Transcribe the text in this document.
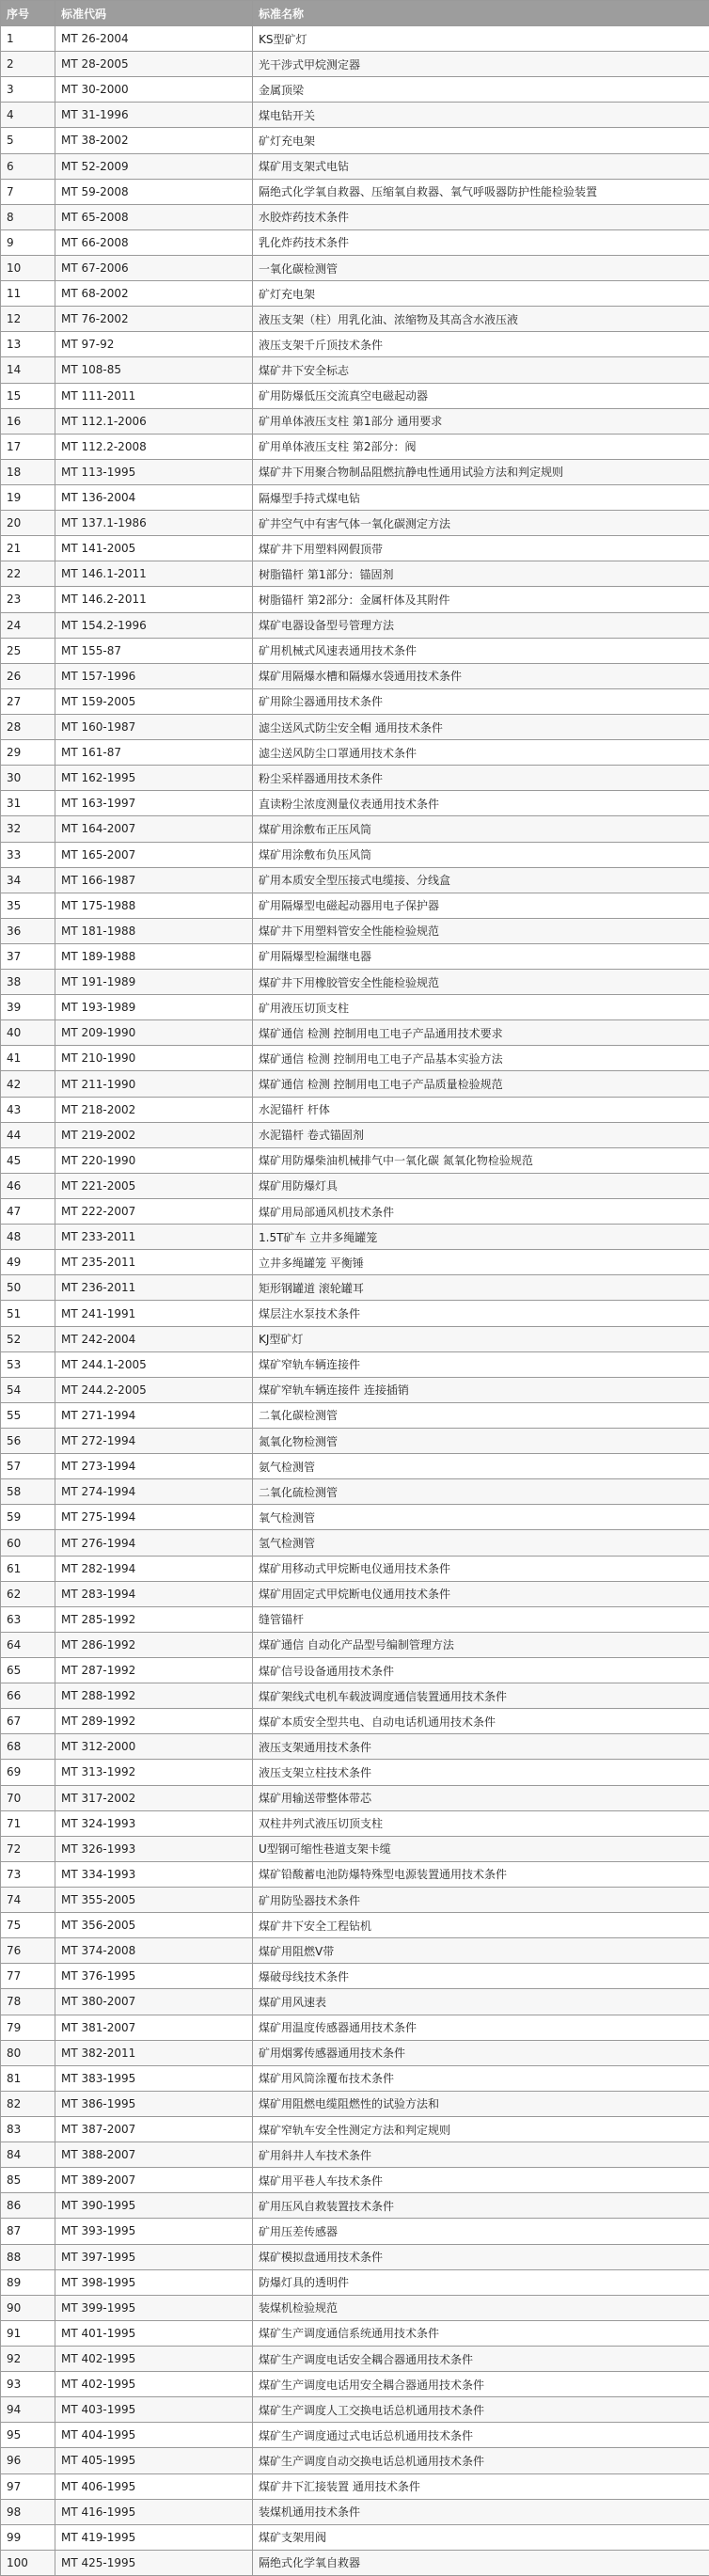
序号	标准代码	标准名称
1	MT 26-2004	KS型矿灯
2	MT 28-2005	光干涉式甲烷测定器
3	MT 30-2000	金属顶梁
4	MT 31-1996	煤电钻开关
5	MT 38-2002	矿灯充电架
6	MT 52-2009	煤矿用支架式电钻
7	MT 59-2008	隔绝式化学氧自救器、压缩氧自救器、氧气呼吸器防护性能检验装置
8	MT 65-2008	水胶炸药技术条件
9	MT 66-2008	乳化炸药技术条件
10	MT 67-2006	一氧化碳检测管
11	MT 68-2002	矿灯充电架
12	MT 76-2002	液压支架（柱）用乳化油、浓缩物及其高含水液压液
13	MT 97-92	液压支架千斤顶技术条件
14	MT 108-85	煤矿井下安全标志
15	MT 111-2011	矿用防爆低压交流真空电磁起动器
16	MT 112.1-2006	矿用单体液压支柱 第1部分 通用要求
17	MT 112.2-2008	矿用单体液压支柱 第2部分：阀
18	MT 113-1995	煤矿井下用聚合物制品阻燃抗静电性通用试验方法和判定规则
19	MT 136-2004	隔爆型手持式煤电钻
20	MT 137.1-1986	矿井空气中有害气体一氧化碳测定方法
21	MT 141-2005	煤矿井下用塑料网假顶带
22	MT 146.1-2011	树脂锚杆 第1部分：锚固剂
23	MT 146.2-2011	树脂锚杆 第2部分：金属杆体及其附件
24	MT 154.2-1996	煤矿电器设备型号管理方法
25	MT 155-87	矿用机械式风速表通用技术条件
26	MT 157-1996	煤矿用隔爆水槽和隔爆水袋通用技术条件
27	MT 159-2005	矿用除尘器通用技术条件
28	MT 160-1987	滤尘送风式防尘安全帽 通用技术条件
29	MT 161-87	滤尘送风防尘口罩通用技术条件
30	MT 162-1995	粉尘采样器通用技术条件
31	MT 163-1997	直读粉尘浓度测量仪表通用技术条件
32	MT 164-2007	煤矿用涂敷布正压风筒
33	MT 165-2007	煤矿用涂敷布负压风筒
34	MT 166-1987	矿用本质安全型压接式电缆接、分线盒
35	MT 175-1988	矿用隔爆型电磁起动器用电子保护器
36	MT 181-1988	煤矿井下用塑料管安全性能检验规范
37	MT 189-1988	矿用隔爆型检漏继电器
38	MT 191-1989	煤矿井下用橡胶管安全性能检验规范
39	MT 193-1989	矿用液压切顶支柱
40	MT 209-1990	煤矿通信 检测 控制用电工电子产品通用技术要求
41	MT 210-1990	煤矿通信 检测 控制用电工电子产品基本实验方法
42	MT 211-1990	煤矿通信 检测 控制用电工电子产品质量检验规范
43	MT 218-2002	水泥锚杆 杆体
44	MT 219-2002	水泥锚杆 卷式锚固剂
45	MT 220-1990	煤矿用防爆柴油机械排气中一氧化碳 氮氧化物检验规范
46	MT 221-2005	煤矿用防爆灯具
47	MT 222-2007	煤矿用局部通风机技术条件
48	MT 233-2011	1.5T矿车 立井多绳罐笼
49	MT 235-2011	立井多绳罐笼 平衡锤
50	MT 236-2011	矩形钢罐道 滚轮罐耳
51	MT 241-1991	煤层注水泵技术条件
52	MT 242-2004	KJ型矿灯
53	MT 244.1-2005	煤矿窄轨车辆连接件
54	MT 244.2-2005	煤矿窄轨车辆连接件 连接插销
55	MT 271-1994	二氧化碳检测管
56	MT 272-1994	氮氧化物检测管
57	MT 273-1994	氨气检测管
58	MT 274-1994	二氧化硫检测管
59	MT 275-1994	氧气检测管
60	MT 276-1994	氢气检测管
61	MT 282-1994	煤矿用移动式甲烷断电仪通用技术条件
62	MT 283-1994	煤矿用固定式甲烷断电仪通用技术条件
63	MT 285-1992	缝管锚杆
64	MT 286-1992	煤矿通信 自动化产品型号编制管理方法
65	MT 287-1992	煤矿信号设备通用技术条件
66	MT 288-1992	煤矿架线式电机车载波调度通信装置通用技术条件
67	MT 289-1992	煤矿本质安全型共电、自动电话机通用技术条件
68	MT 312-2000	液压支架通用技术条件
69	MT 313-1992	液压支架立柱技术条件
70	MT 317-2002	煤矿用输送带整体带芯
71	MT 324-1993	双柱井列式液压切顶支柱
72	MT 326-1993	U型钢可缩性巷道支架卡缆
73	MT 334-1993	煤矿铅酸蓄电池防爆特殊型电源装置通用技术条件
74	MT 355-2005	矿用防坠器技术条件
75	MT 356-2005	煤矿井下安全工程钻机
76	MT 374-2008	煤矿用阻燃V带
77	MT 376-1995	爆破母线技术条件
78	MT 380-2007	煤矿用风速表
79	MT 381-2007	煤矿用温度传感器通用技术条件
80	MT 382-2011	矿用烟雾传感器通用技术条件
81	MT 383-1995	煤矿用风筒涂覆布技术条件
82	MT 386-1995	煤矿用阻燃电缆阻燃性的试验方法和
83	MT 387-2007	煤矿窄轨车安全性测定方法和判定规则
84	MT 388-2007	矿用斜井人车技术条件
85	MT 389-2007	煤矿用平巷人车技术条件
86	MT 390-1995	矿用压风自救装置技术条件
87	MT 393-1995	矿用压差传感器
88	MT 397-1995	煤矿模拟盘通用技术条件
89	MT 398-1995	防爆灯具的透明件
90	MT 399-1995	装煤机检验规范
91	MT 401-1995	煤矿生产调度通信系统通用技术条件
92	MT 402-1995	煤矿生产调度电话安全耦合器通用技术条件
93	MT 402-1995	煤矿生产调度电话用安全耦合器通用技术条件
94	MT 403-1995	煤矿生产调度人工交换电话总机通用技术条件
95	MT 404-1995	煤矿生产调度通过式电话总机通用技术条件
96	MT 405-1995	煤矿生产调度自动交换电话总机通用技术条件
97	MT 406-1995	煤矿井下汇接装置 通用技术条件
98	MT 416-1995	装煤机通用技术条件
99	MT 419-1995	煤矿支架用阀
100	MT 425-1995	隔绝式化学氧自救器
